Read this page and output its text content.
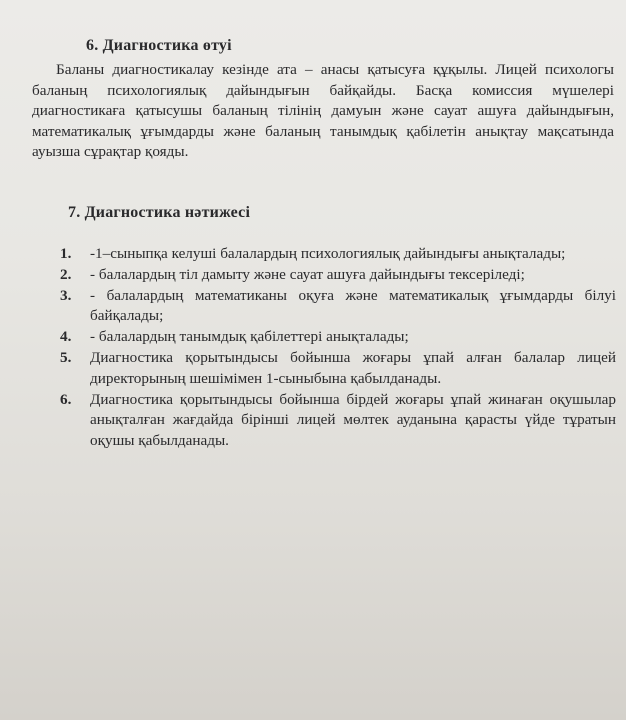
6. Диагностика өтуі

Баланы диагностикалау кезінде ата – анасы қатысуға құқылы. Лицей психологы баланың психологиялық дайындығын байқайды. Басқа комиссия мүшелері диагностикаға қатысушы баланың тілінің дамуын және сауат ашуға дайындығын, математикалық ұғымдарды және баланың танымдық қабілетін анықтау мақсатында ауызша сұрақтар қояды.

7. Диагностика нәтижесі
1.	-1–сыныпқа келуші балалардың психологиялық дайындығы анықталады;
2.	- балалардың тіл дамыту және сауат ашуға дайындығы тексеріледі;
3.	- балалардың математиканы оқуға және математикалық ұғымдарды білуі байқалады;
4.	- балалардың танымдық қабілеттері анықталады;
5.	Диагностика қорытындысы бойынша жоғары ұпай алған балалар лицей директорының шешімімен 1-сыныбына қабылданады.
6.	Диагностика қорытындысы бойынша бірдей жоғары ұпай жинаған оқушылар анықталған жағдайда бірінші лицей мөлтек ауданына қарасты үйде тұратын оқушы қабылданады.
